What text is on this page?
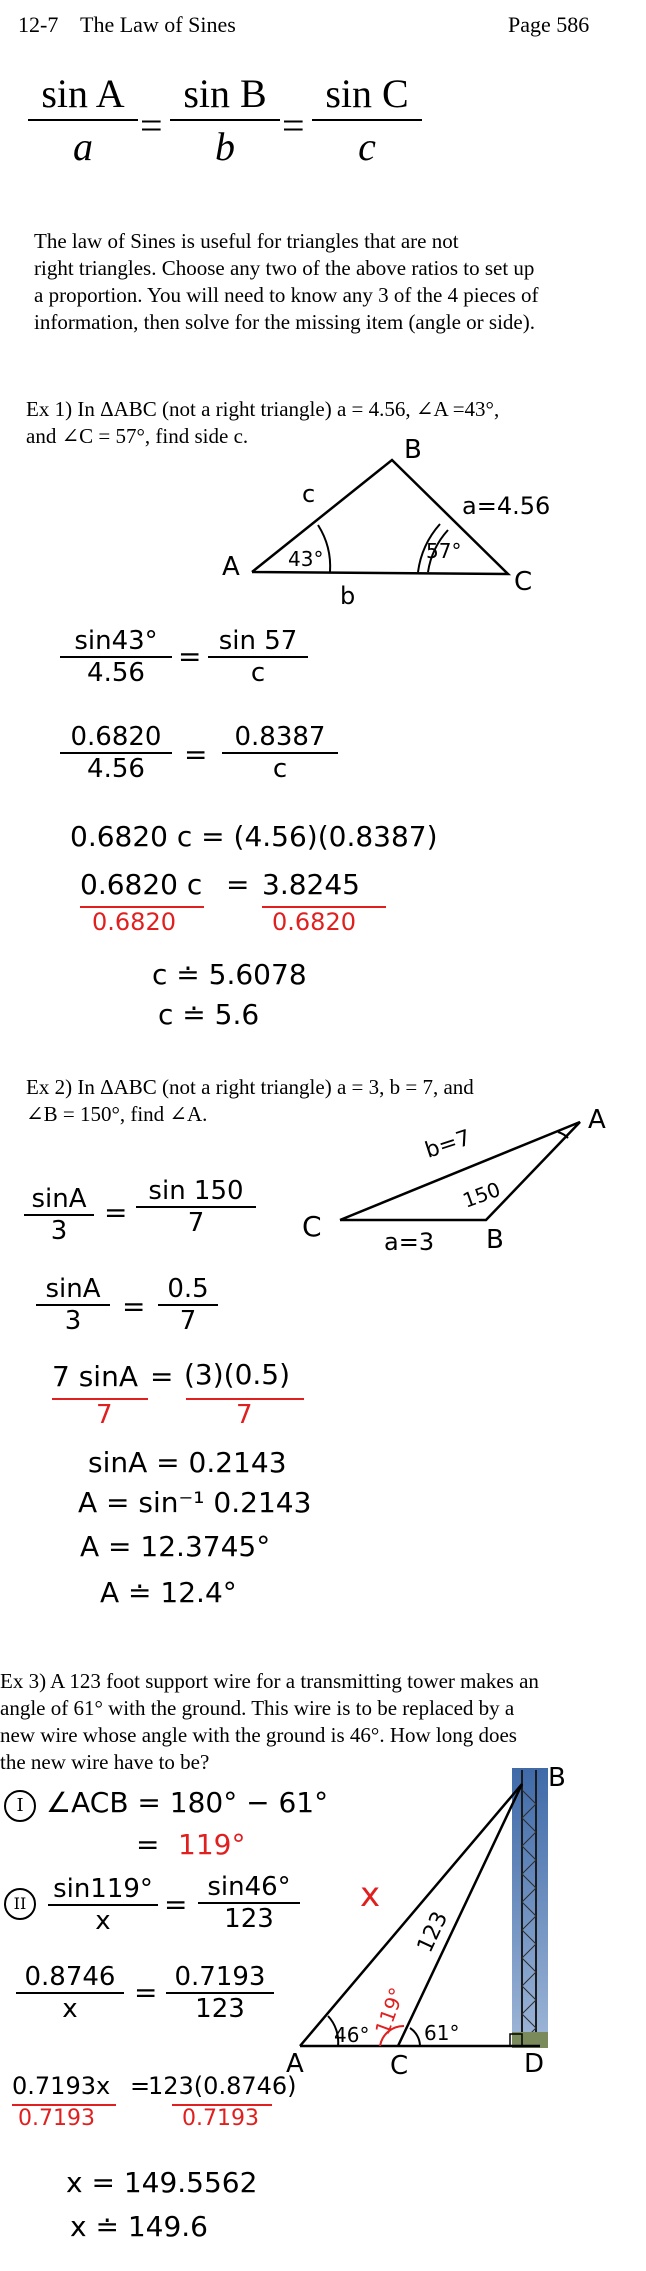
12-7 The Law of Sines	Page 586
$\frac{\text{sin A}}{a} = \frac{\text{sin B}}{b} = \frac{\text{sin C}}{c}$
The law of Sines is useful for triangles that are not
right triangles. Choose any two of the above ratios to set up
a proportion. You will need to know any 3 of the 4 pieces of
information, then solve for the missing item (angle or side).
Ex 1) In ΔABC (not a right triangle) a = 4.56, ∠A =43°,
and ∠C = 57°, find side c.
A
B
C
c
b
a=4.56
43°	57°
sin43°
4.56	= sin 57
c
0.6820
4.56	=
0.8387
c
0.6820 c = (4.56)(0.8387)
0.6820 c = 3.8245
0.6820	0.6820
c ≐ 5.6078
c ≐ 5.6
Ex 2) In ΔABC (not a right triangle) a = 3, b = 7, and
∠B = 150°, find ∠A.
C
A
B
b=7
a=3
150
sinA
3
=
sin 150
7
sinA
3	=
0.5
7
7 sinA = (3)(0.5)
7	7
sinA = 0.2143
A = sin⁻¹ 0.2143
A = 12.3745°
A ≐ 12.4°
Ex 3) A 123 foot support wire for a transmitting tower makes an
angle of 61° with the ground. This wire is to be replaced by a
new wire whose angle with the ground is 46°. How long does
the new wire have to be?
B
A	C	D
x
123
46° 119° 61°
I ∠ACB = 180° − 61°
= 119°
II	sin119°
x	=
sin46°
123
0.8746
x	= 0.7193
123
0.7193x =
123(0.8746)
0.7193	0.7193
x = 149.5562
x ≐ 149.6
